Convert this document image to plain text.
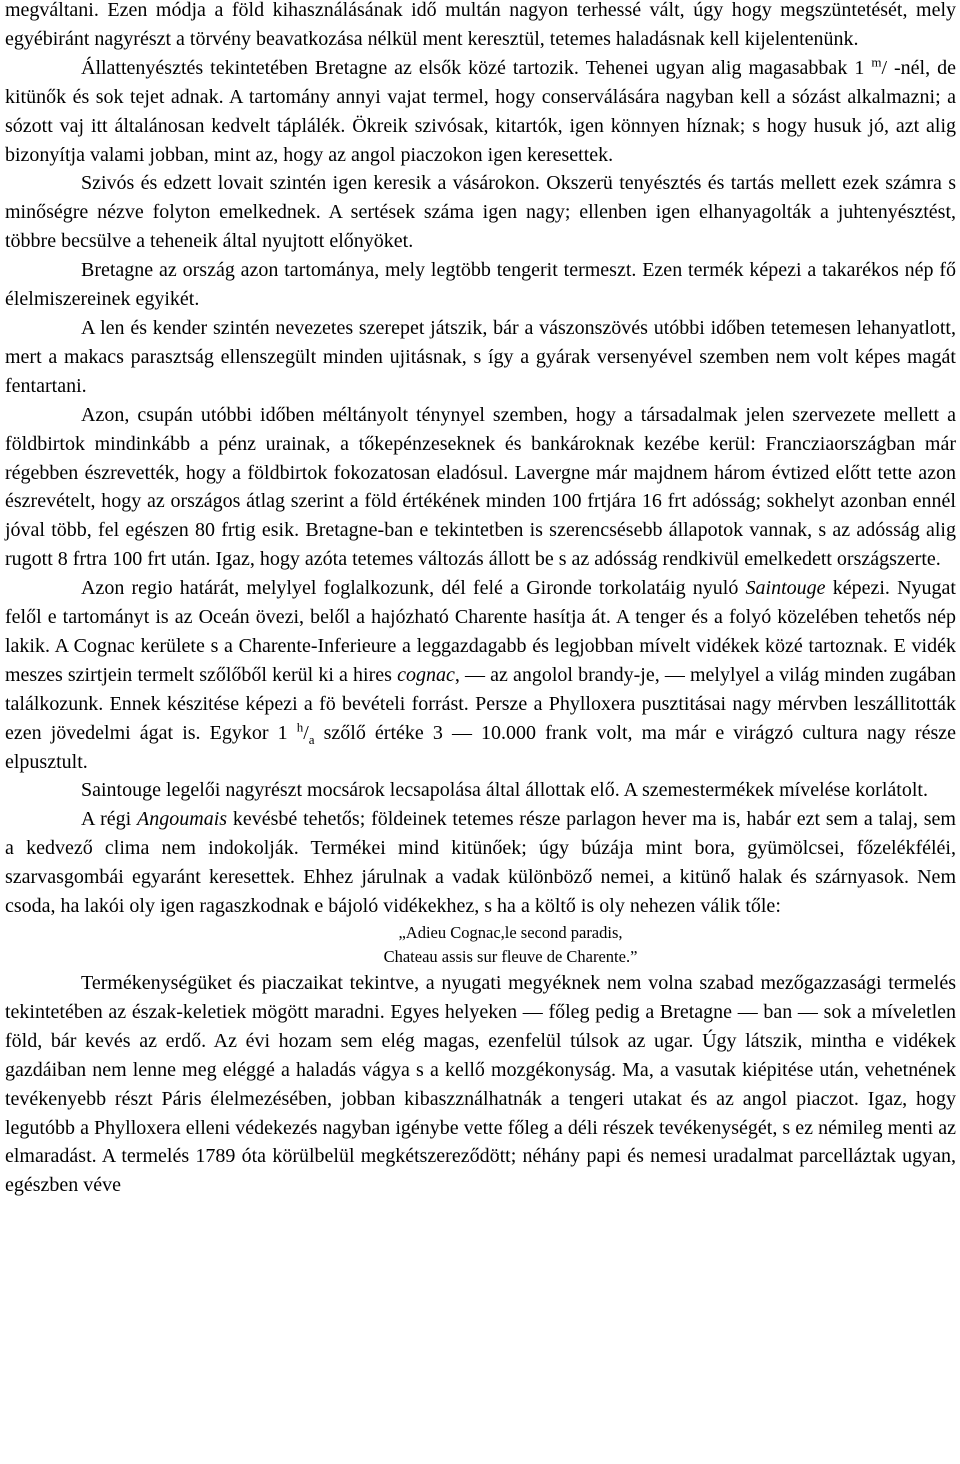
megváltani. Ezen módja a föld kihasználásának idő multán nagyon terhessé vált, úgy hogy megszüntetését, mely egyébiránt nagyrészt a törvény beavatkozása nélkül ment keresztül, tetemes haladásnak kell kijelentenünk.

Állattenyésztés tekintetében Bretagne az elsők közé tartozik. Tehenei ugyan alig magasabbak 1 $^m$/ -nél, de kitünők és sok tejet adnak. A tartomány annyi vajat termel, hogy conserválására nagyban kell a sózást alkalmazni; a sózott vaj itt általánosan kedvelt táplálék. Ökreik szivósak, kitartók, igen könnyen híznak; s hogy husuk jó, azt alig bizonyítja valami jobban, mint az, hogy az angol piaczokon igen keresettek.

Szivós és edzett lovait szintén igen keresik a vásárokon. Okszerü tenyésztés és tartás mellett ezek számra s minőségre nézve folyton emelkednek. A sertések száma igen nagy; ellenben igen elhanyagolták a juhtenyésztést, többre becsülve a teheneik által nyujtott előnyöket.

Bretagne az ország azon tartománya, mely legtöbb tengerit termeszt. Ezen termék képezi a takarékos nép fő élelmiszereinek egyikét.

A len és kender szintén nevezetes szerepet játszik, bár a vászonszövés utóbbi időben tetemesen lehanyatlott, mert a makacs parasztság ellenszegült minden ujitásnak, s így a gyárak versenyével szemben nem volt képes magát fentartani.

Azon, csupán utóbbi időben méltányolt ténynyel szemben, hogy a társadalmak jelen szervezete mellett a földbirtok mindinkább a pénz urainak, a tőkepénzeseknek és bankároknak kezébe kerül: Francziaországban már régebben észrevették, hogy a földbirtok fokozatosan eladósul. Lavergne már majdnem három évtized előtt tette azon észrevételt, hogy az országos átlag szerint a föld értékének minden 100 frtjára 16 frt adósság; sokhelyt azonban ennél jóval több, fel egészen 80 frtig esik. Bretagne-ban e tekintetben is szerencsésebb állapotok vannak, s az adósság alig rugott 8 frtra 100 frt után. Igaz, hogy azóta tetemes változás állott be s az adósság rendkivül emelkedett országszerte.

Azon regio határát, melylyel foglalkozunk, dél felé a Gironde torkolatáig nyuló Saintouge képezi. Nyugat felől e tartományt is az Oceán övezi, belől a hajózható Charente hasítja át. A tenger és a folyó közelében tehetős nép lakik. A Cognac kerülete s a Charente-Inferieure a leggazdagabb és legjobban mívelt vidékek közé tartoznak. E vidék meszes szirtjein termelt szőlőből kerül ki a hires cognac, — az angolol brandy-je, — melylyel a világ minden zugában találkozunk. Ennek készitése képezi a fö bevételi forrást. Persze a Phylloxera pusztitásai nagy mérvben leszállitották ezen jövedelmi ágat is. Egykor 1 $^h/_a$ szőlő értéke 3 — 10.000 frank volt, ma már e virágzó cultura nagy része elpusztult.

Saintouge legelői nagyrészt mocsárok lecsapolása által állottak elő. A szemestermékek mívelése korlátolt.

A régi Angoumais kevésbé tehetős; földeinek tetemes része parlagon hever ma is, habár ezt sem a talaj, sem a kedvező clima nem indokolják. Termékei mind kitünőek; úgy búzája mint bora, gyümölcsei, főzelékféléi, szarvasgombái egyaránt keresettek. Ehhez járulnak a vadak különböző nemei, a kitünő halak és szárnyasok. Nem csoda, ha lakói oly igen ragaszkodnak e bájoló vidékekhez, s ha a költő is oly nehezen válik tőle:

„Adieu Cognac,le second paradis,
Chateau assis sur fleuve de Charente.”

Termékenységüket és piaczaikat tekintve, a nyugati megyéknek nem volna szabad mezőgazzasági termelés tekintetében az észak-keletiek mögött maradni. Egyes helyeken — főleg pedig a Bretagne — ban — sok a míveletlen föld, bár kevés az erdő. Az évi hozam sem elég magas, ezenfelül túlsok az ugar. Úgy látszik, mintha e vidékek gazdáiban nem lenne meg eléggé a haladás vágya s a kellő mozgékonyság. Ma, a vasutak kiépitése után, vehetnének tevékenyebb részt Páris élelmezésében, jobban kibaszználhatnák a tengeri utakat és az angol piaczot. Igaz, hogy legutóbb a Phylloxera elleni védekezés nagyban igénybe vette főleg a déli részek tevékenységét, s ez némileg menti az elmaradást. A termelés 1789 óta körülbelül megkétszereződött; néhány papi és nemesi uradalmat parcelláztak ugyan, egészben véve
